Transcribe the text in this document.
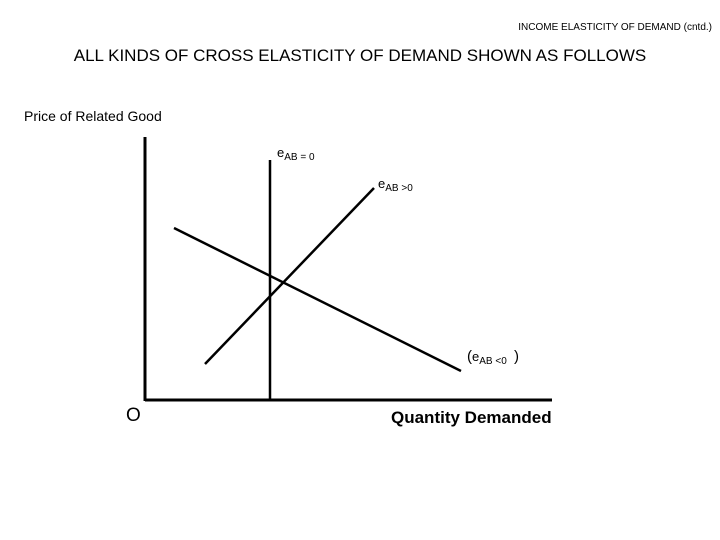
INCOME ELASTICITY OF DEMAND (cntd.)
ALL KINDS OF CROSS ELASTICITY OF DEMAND SHOWN AS FOLLOWS
Price of Related Good
O	Quantity Demanded
$e_{AB = 0}$
$e_{AB >0}$
($e_{AB <0}$ )
